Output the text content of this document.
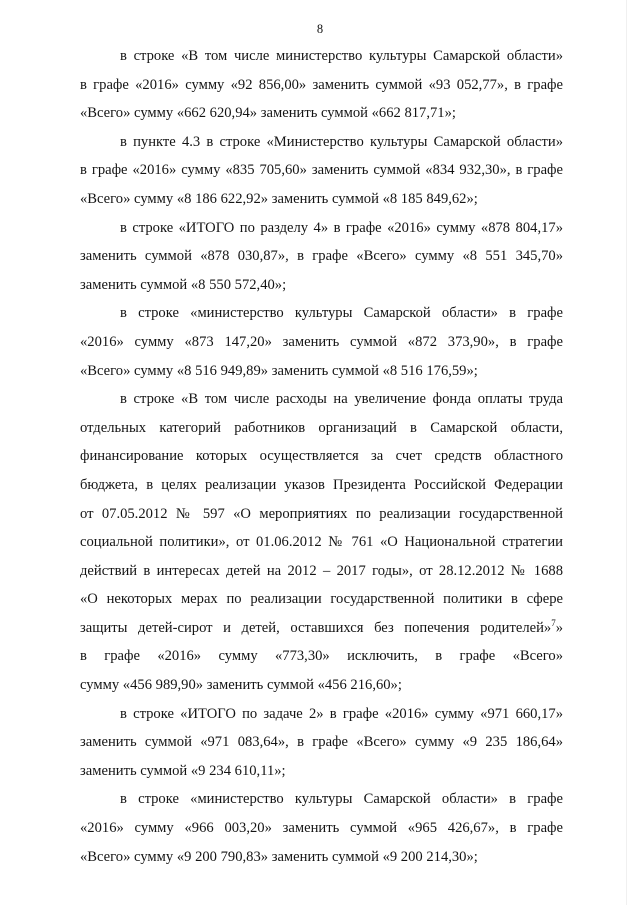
8
в строке «В том числе министерство культуры Самарской области»
в графе «2016» сумму «92 856,00» заменить суммой «93 052,77», в графе
«Всего» сумму «662 620,94» заменить суммой «662 817,71»;
в пункте 4.3 в строке «Министерство культуры Самарской области»
в графе «2016» сумму «835 705,60» заменить суммой «834 932,30», в графе
«Всего» сумму «8 186 622,92» заменить суммой «8 185 849,62»;
в строке «ИТОГО по разделу 4» в графе «2016» сумму «878 804,17»
заменить суммой «878 030,87», в графе «Всего» сумму «8 551 345,70»
заменить суммой «8 550 572,40»;
в строке «министерство культуры Самарской области» в графе
«2016» сумму «873 147,20» заменить суммой «872 373,90», в графе
«Всего» сумму «8 516 949,89» заменить суммой «8 516 176,59»;
в строке «В том числе расходы на увеличение фонда оплаты труда
отдельных категорий работников организаций в Самарской области,
финансирование которых осуществляется за счет средств областного
бюджета, в целях реализации указов Президента Российской Федерации
от 07.05.2012 № 597 «О мероприятиях по реализации государственной
социальной политики», от 01.06.2012 № 761 «О Национальной стратегии
действий в интересах детей на 2012 – 2017 годы», от 28.12.2012 № 1688
«О некоторых мерах по реализации государственной политики в сфере
защиты детей-сирот и детей, оставшихся без попечения родителей»$^7$»
в графе «2016» сумму «773,30» исключить, в графе «Всего»
сумму «456 989,90» заменить суммой «456 216,60»;
в строке «ИТОГО по задаче 2» в графе «2016» сумму «971 660,17»
заменить суммой «971 083,64», в графе «Всего» сумму «9 235 186,64»
заменить суммой «9 234 610,11»;
в строке «министерство культуры Самарской области» в графе
«2016» сумму «966 003,20» заменить суммой «965 426,67», в графе
«Всего» сумму «9 200 790,83» заменить суммой «9 200 214,30»;
